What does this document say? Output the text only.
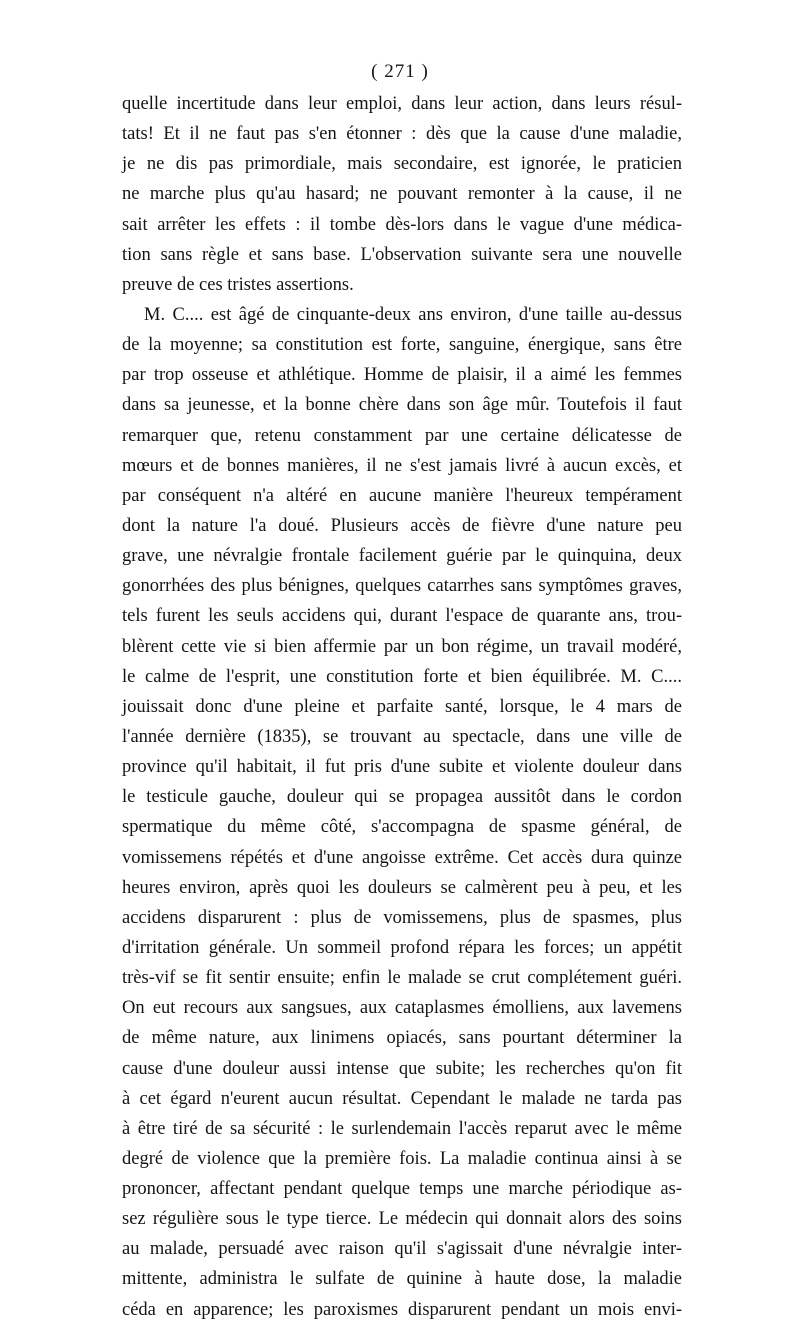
( 271 )
quelle incertitude dans leur emploi, dans leur action, dans leurs résul-
tats! Et il ne faut pas s'en étonner : dès que la cause d'une maladie,
je ne dis pas primordiale, mais secondaire, est ignorée, le praticien
ne marche plus qu'au hasard; ne pouvant remonter à la cause, il ne
sait arrêter les effets : il tombe dès-lors dans le vague d'une médica-
tion sans règle et sans base. L'observation suivante sera une nouvelle
preuve de ces tristes assertions.
M. C.... est âgé de cinquante-deux ans environ, d'une taille au-dessus
de la moyenne; sa constitution est forte, sanguine, énergique, sans être
par trop osseuse et athlétique. Homme de plaisir, il a aimé les femmes
dans sa jeunesse, et la bonne chère dans son âge mûr. Toutefois il faut
remarquer que, retenu constamment par une certaine délicatesse de
mœurs et de bonnes manières, il ne s'est jamais livré à aucun excès, et
par conséquent n'a altéré en aucune manière l'heureux tempérament
dont la nature l'a doué. Plusieurs accès de fièvre d'une nature peu
grave, une névralgie frontale facilement guérie par le quinquina, deux
gonorrhées des plus bénignes, quelques catarrhes sans symptômes graves,
tels furent les seuls accidens qui, durant l'espace de quarante ans, trou-
blèrent cette vie si bien affermie par un bon régime, un travail modéré,
le calme de l'esprit, une constitution forte et bien équilibrée. M. C....
jouissait donc d'une pleine et parfaite santé, lorsque, le 4 mars de
l'année dernière (1835), se trouvant au spectacle, dans une ville de
province qu'il habitait, il fut pris d'une subite et violente douleur dans
le testicule gauche, douleur qui se propagea aussitôt dans le cordon
spermatique du même côté, s'accompagna de spasme général, de
vomissemens répétés et d'une angoisse extrême. Cet accès dura quinze
heures environ, après quoi les douleurs se calmèrent peu à peu, et les
accidens disparurent : plus de vomissemens, plus de spasmes, plus
d'irritation générale. Un sommeil profond répara les forces; un appétit
très-vif se fit sentir ensuite; enfin le malade se crut complétement guéri.
On eut recours aux sangsues, aux cataplasmes émolliens, aux lavemens
de même nature, aux linimens opiacés, sans pourtant déterminer la
cause d'une douleur aussi intense que subite; les recherches qu'on fit
à cet égard n'eurent aucun résultat. Cependant le malade ne tarda pas
à être tiré de sa sécurité : le surlendemain l'accès reparut avec le même
degré de violence que la première fois. La maladie continua ainsi à se
prononcer, affectant pendant quelque temps une marche périodique as-
sez régulière sous le type tierce. Le médecin qui donnait alors des soins
au malade, persuadé avec raison qu'il s'agissait d'une névralgie inter-
mittente, administra le sulfate de quinine à haute dose, la maladie
céda en apparence; les paroxismes disparurent pendant un mois envi-
